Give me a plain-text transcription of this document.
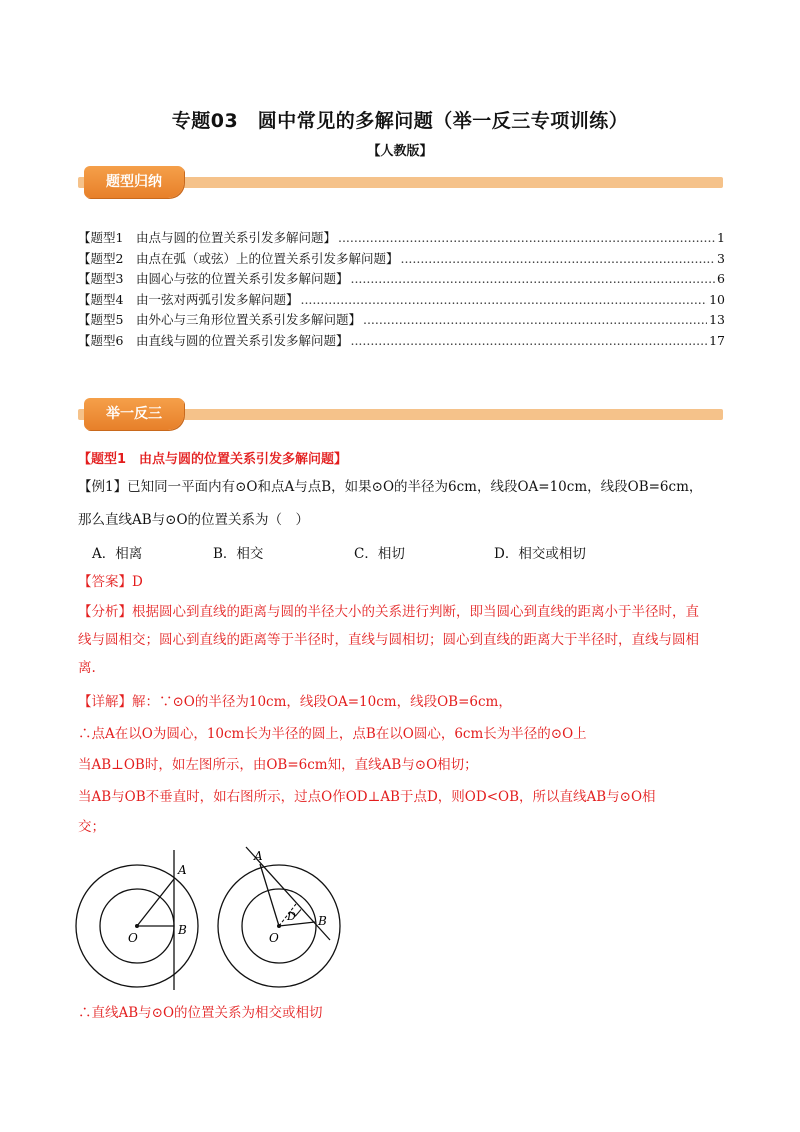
专题03　圆中常见的多解问题（举一反三专项训练）
【人教版】
题型归纳
【题型1　由点与圆的位置关系引发多解问题】 .....	1
【题型2　由点在弧（或弦）上的位置关系引发多解问题】 .....	3
【题型3　由圆心与弦的位置关系引发多解问题】 .....	6
【题型4　由一弦对两弧引发多解问题】 .....	10
【题型5　由外心与三角形位置关系引发多解问题】 .....	13
【题型6　由直线与圆的位置关系引发多解问题】 .....	17
举一反三
【题型1　由点与圆的位置关系引发多解问题】
【例1】已知同一平面内有⊙O和点A与点B，如果⊙O的半径为6cm，线段OA=10cm，线段OB=6cm，
那么直线AB与⊙O的位置关系为（　）
A．相离	B．相交	C．相切	D．相交或相切
【答案】D
【分析】根据圆心到直线的距离与圆的半径大小的关系进行判断，即当圆心到直线的距离小于半径时，直
线与圆相交；圆心到直线的距离等于半径时，直线与圆相切；圆心到直线的距离大于半径时，直线与圆相
离.
【详解】解：∵⊙O的半径为10cm，线段OA=10cm，线段OB=6cm，
∴点A在以O为圆心，10cm长为半径的圆上，点B在以O圆心，6cm长为半径的⊙O上
当AB⊥OB时，如左图所示，由OB=6cm知，直线AB与⊙O相切；
当AB与OB不垂直时，如右图所示，过点O作OD⊥AB于点D，则OD<OB，所以直线AB与⊙O相
交；
A
B
O
A
B
O
D
∴直线AB与⊙O的位置关系为相交或相切
